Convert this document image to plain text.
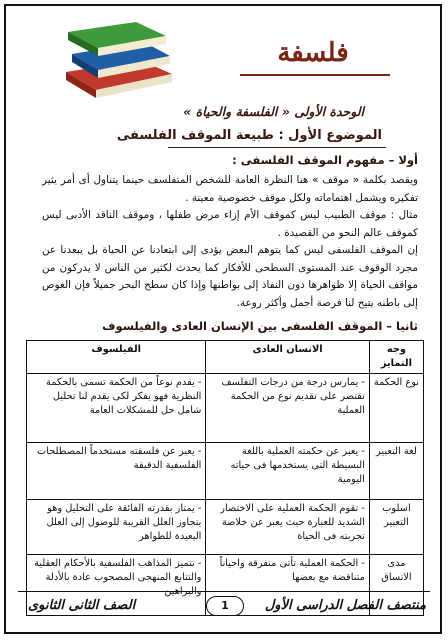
فلسفة
الوحدة الأولى « الفلسفة والحياة »
الموضوع الأول : طبيعة الموقف الفلسفى
أولا – مفهوم الموقف الفلسفى :

ويقصد بكلمة « موقف » هنا النظرة العامة للشخص المتفلسف حينما يتناول أى أمر يثير تفكيره ويشمل اهتماماته ولكل موقف خصوصية معينة .

مثال : موقف الطبيب ليس كموقف الأم إزاء مرض طفلها ، وموقف الناقد الأدبى ليس كموقف عالم النحو من القصيدة .

إن الموقف الفلسفى ليس كما يتوهم البعض يؤدى إلى ابتعادنا عن الحياة بل يبعدنا عن مجرد الوقوف عند المستوى السطحى للأفكار كما يحدث لكثير من الناس لا يدركون من مواقف الحياة إلا ظواهرها دون النفاذ إلى بواطنها وإذا كان سطح البحر جميلاً فإن الغوص إلى باطنه يتيح لنا فرصة أجمل وأكثر روعة.

ثانيا – الموقف الفلسفى بين الإنسان العادى والفيلسوف
وجه التمايز	الانسان العادى	الفيلسوف
نوع الحكمة	- يمارس درجة من درجات التفلسف تقتصر على تقديم نوع من الحكمة العملية	- يقدم نوعاً من الحكمة تسمى بالحكمة النظرية فهو يفكر لكى يقدم لنا تحليل شامل حل للمشكلات العامة
لغة التعبير	- يعبر عن حكمته العملية باللغة البسيطة التى يستخدمها فى حياته اليومية	- يعبر عن فلسفته مستخدماً المصطلحات الفلسفية الدقيقة
اسلوب التعبير	- تقوم الحكمة العملية على الاختصار الشديد للعبارة حيث يعبر عن خلاصة تجربته فى الحياة	- يمتاز بقدرته الفائقة على التحليل وهو يتجاوز العلل القريبة للوصول إلى العلل البعيدة للظواهر
مدى الاتساق	- الحكمة العملية تأتى متفرقة واحياناً متناقضة مع بعضها	- تتميز المذاهب الفلسفية بالأحكام العقلية والتتابع المنهجى المصحوب عادة بالأدلة
منتصف الفصل الدراسى الأول
1
الصف الثانى الثانوى
